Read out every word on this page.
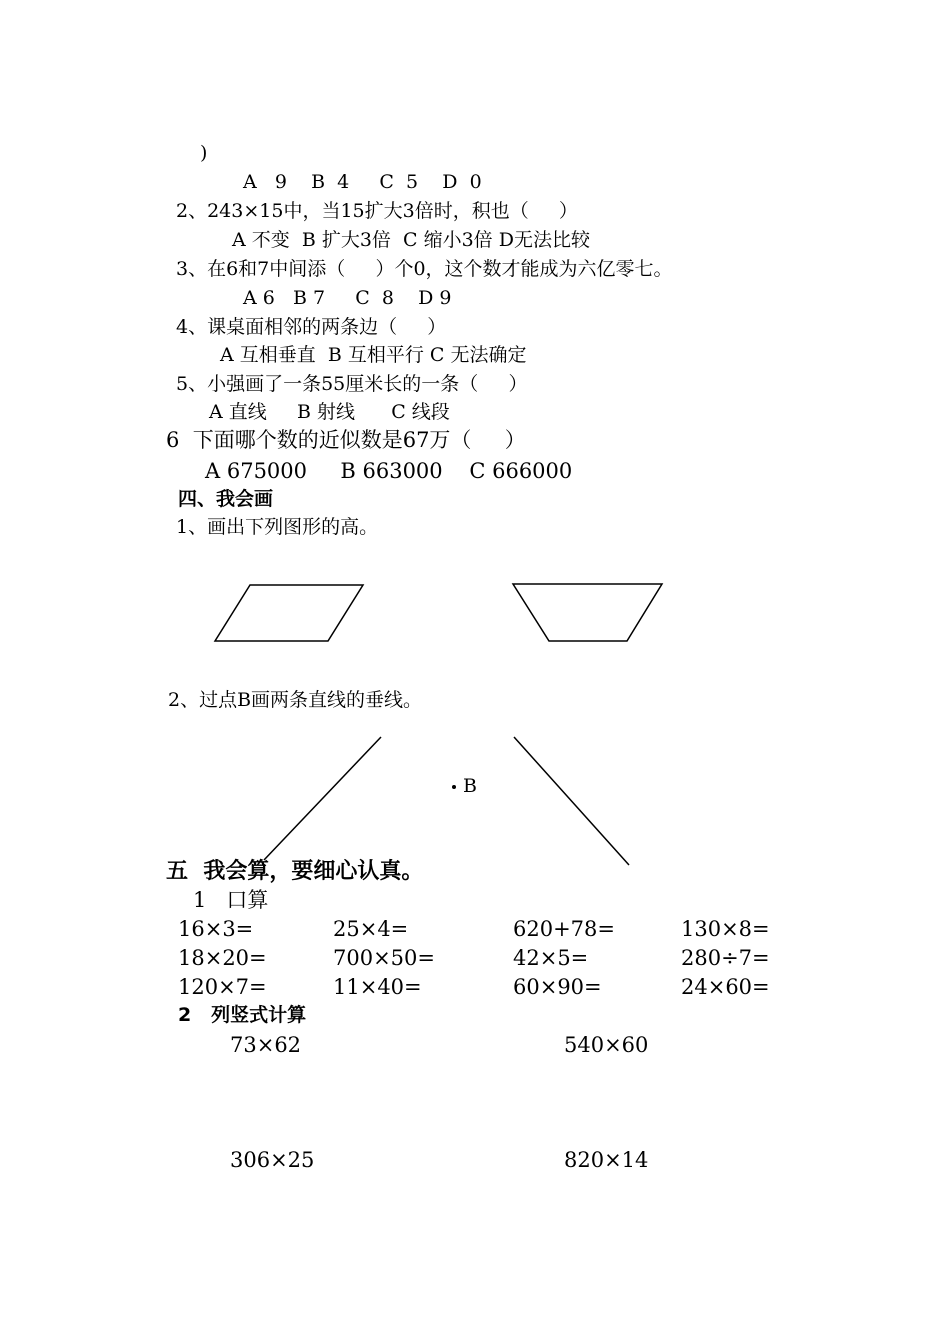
)
A   9    B  4     C  5    D  0
2、243×15中，当15扩大3倍时，积也（     ）
A 不变  B 扩大3倍  C 缩小3倍 D无法比较
3、在6和7中间添（     ）个0，这个数才能成为六亿零七。
A 6   B 7     C  8    D 9
4、课桌面相邻的两条边（     ）
A 互相垂直  B 互相平行 C 无法确定
5、小强画了一条55厘米长的一条（     ）
A 直线     B 射线      C 线段
6  下面哪个数的近似数是67万（     ）
A 675000     B 663000    C 666000
四、我会画
1、画出下列图形的高。
2、过点B画两条直线的垂线。
B
五  我会算，要细心认真。
1   口算
16×3=	25×4=	620+78=	130×8=
18×20=	700×50=	42×5=	280÷7=
120×7=	11×40=	60×90=	24×60=
2   列竖式计算
73×62	540×60
306×25	820×14
